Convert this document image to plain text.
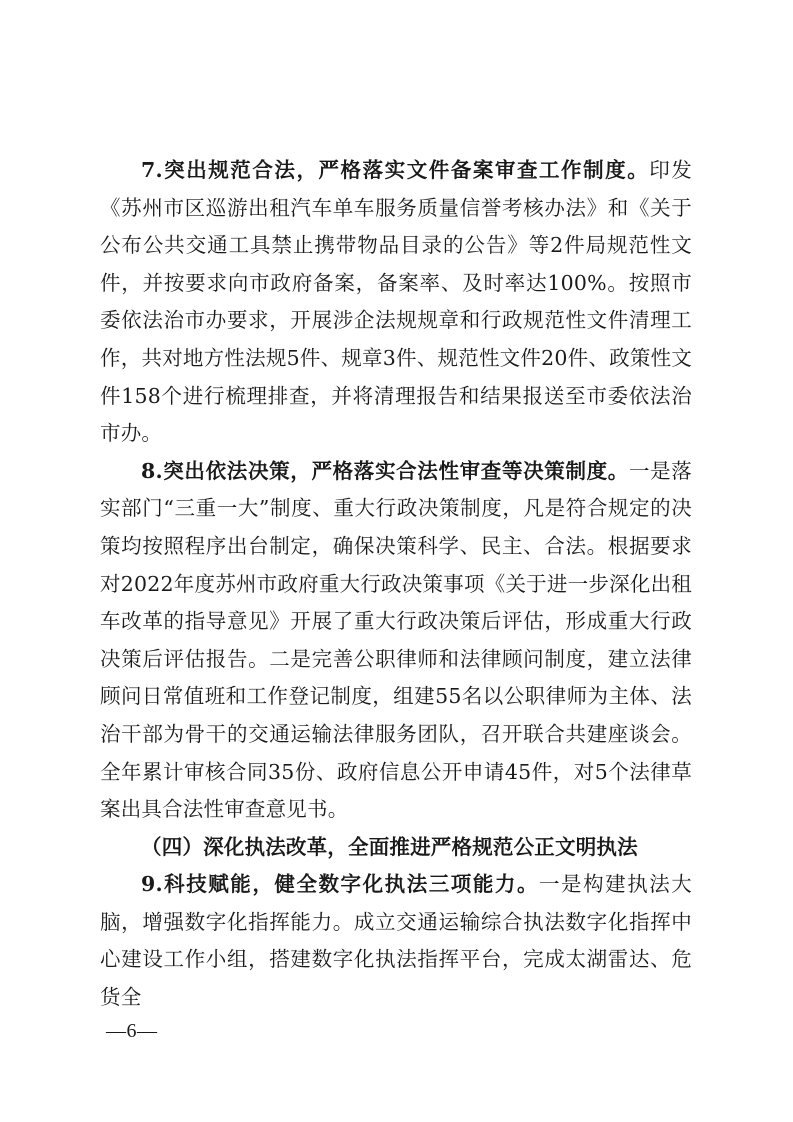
7.突出规范合法，严格落实文件备案审查工作制度。印发《苏州市区巡游出租汽车单车服务质量信誉考核办法》和《关于公布公共交通工具禁止携带物品目录的公告》等2件局规范性文件，并按要求向市政府备案，备案率、及时率达100%。按照市委依法治市办要求，开展涉企法规规章和行政规范性文件清理工作，共对地方性法规5件、规章3件、规范性文件20件、政策性文件158个进行梳理排查，并将清理报告和结果报送至市委依法治市办。

8.突出依法决策，严格落实合法性审查等决策制度。一是落实部门“三重一大”制度、重大行政决策制度，凡是符合规定的决策均按照程序出台制定，确保决策科学、民主、合法。根据要求对2022年度苏州市政府重大行政决策事项《关于进一步深化出租车改革的指导意见》开展了重大行政决策后评估，形成重大行政决策后评估报告。二是完善公职律师和法律顾问制度，建立法律顾问日常值班和工作登记制度，组建55名以公职律师为主体、法治干部为骨干的交通运输法律服务团队，召开联合共建座谈会。全年累计审核合同35份、政府信息公开申请45件，对5个法律草案出具合法性审查意见书。

（四）深化执法改革，全面推进严格规范公正文明执法

9.科技赋能，健全数字化执法三项能力。一是构建执法大脑，增强数字化指挥能力。成立交通运输综合执法数字化指挥中心建设工作小组，搭建数字化执法指挥平台，完成太湖雷达、危货全

—6—
